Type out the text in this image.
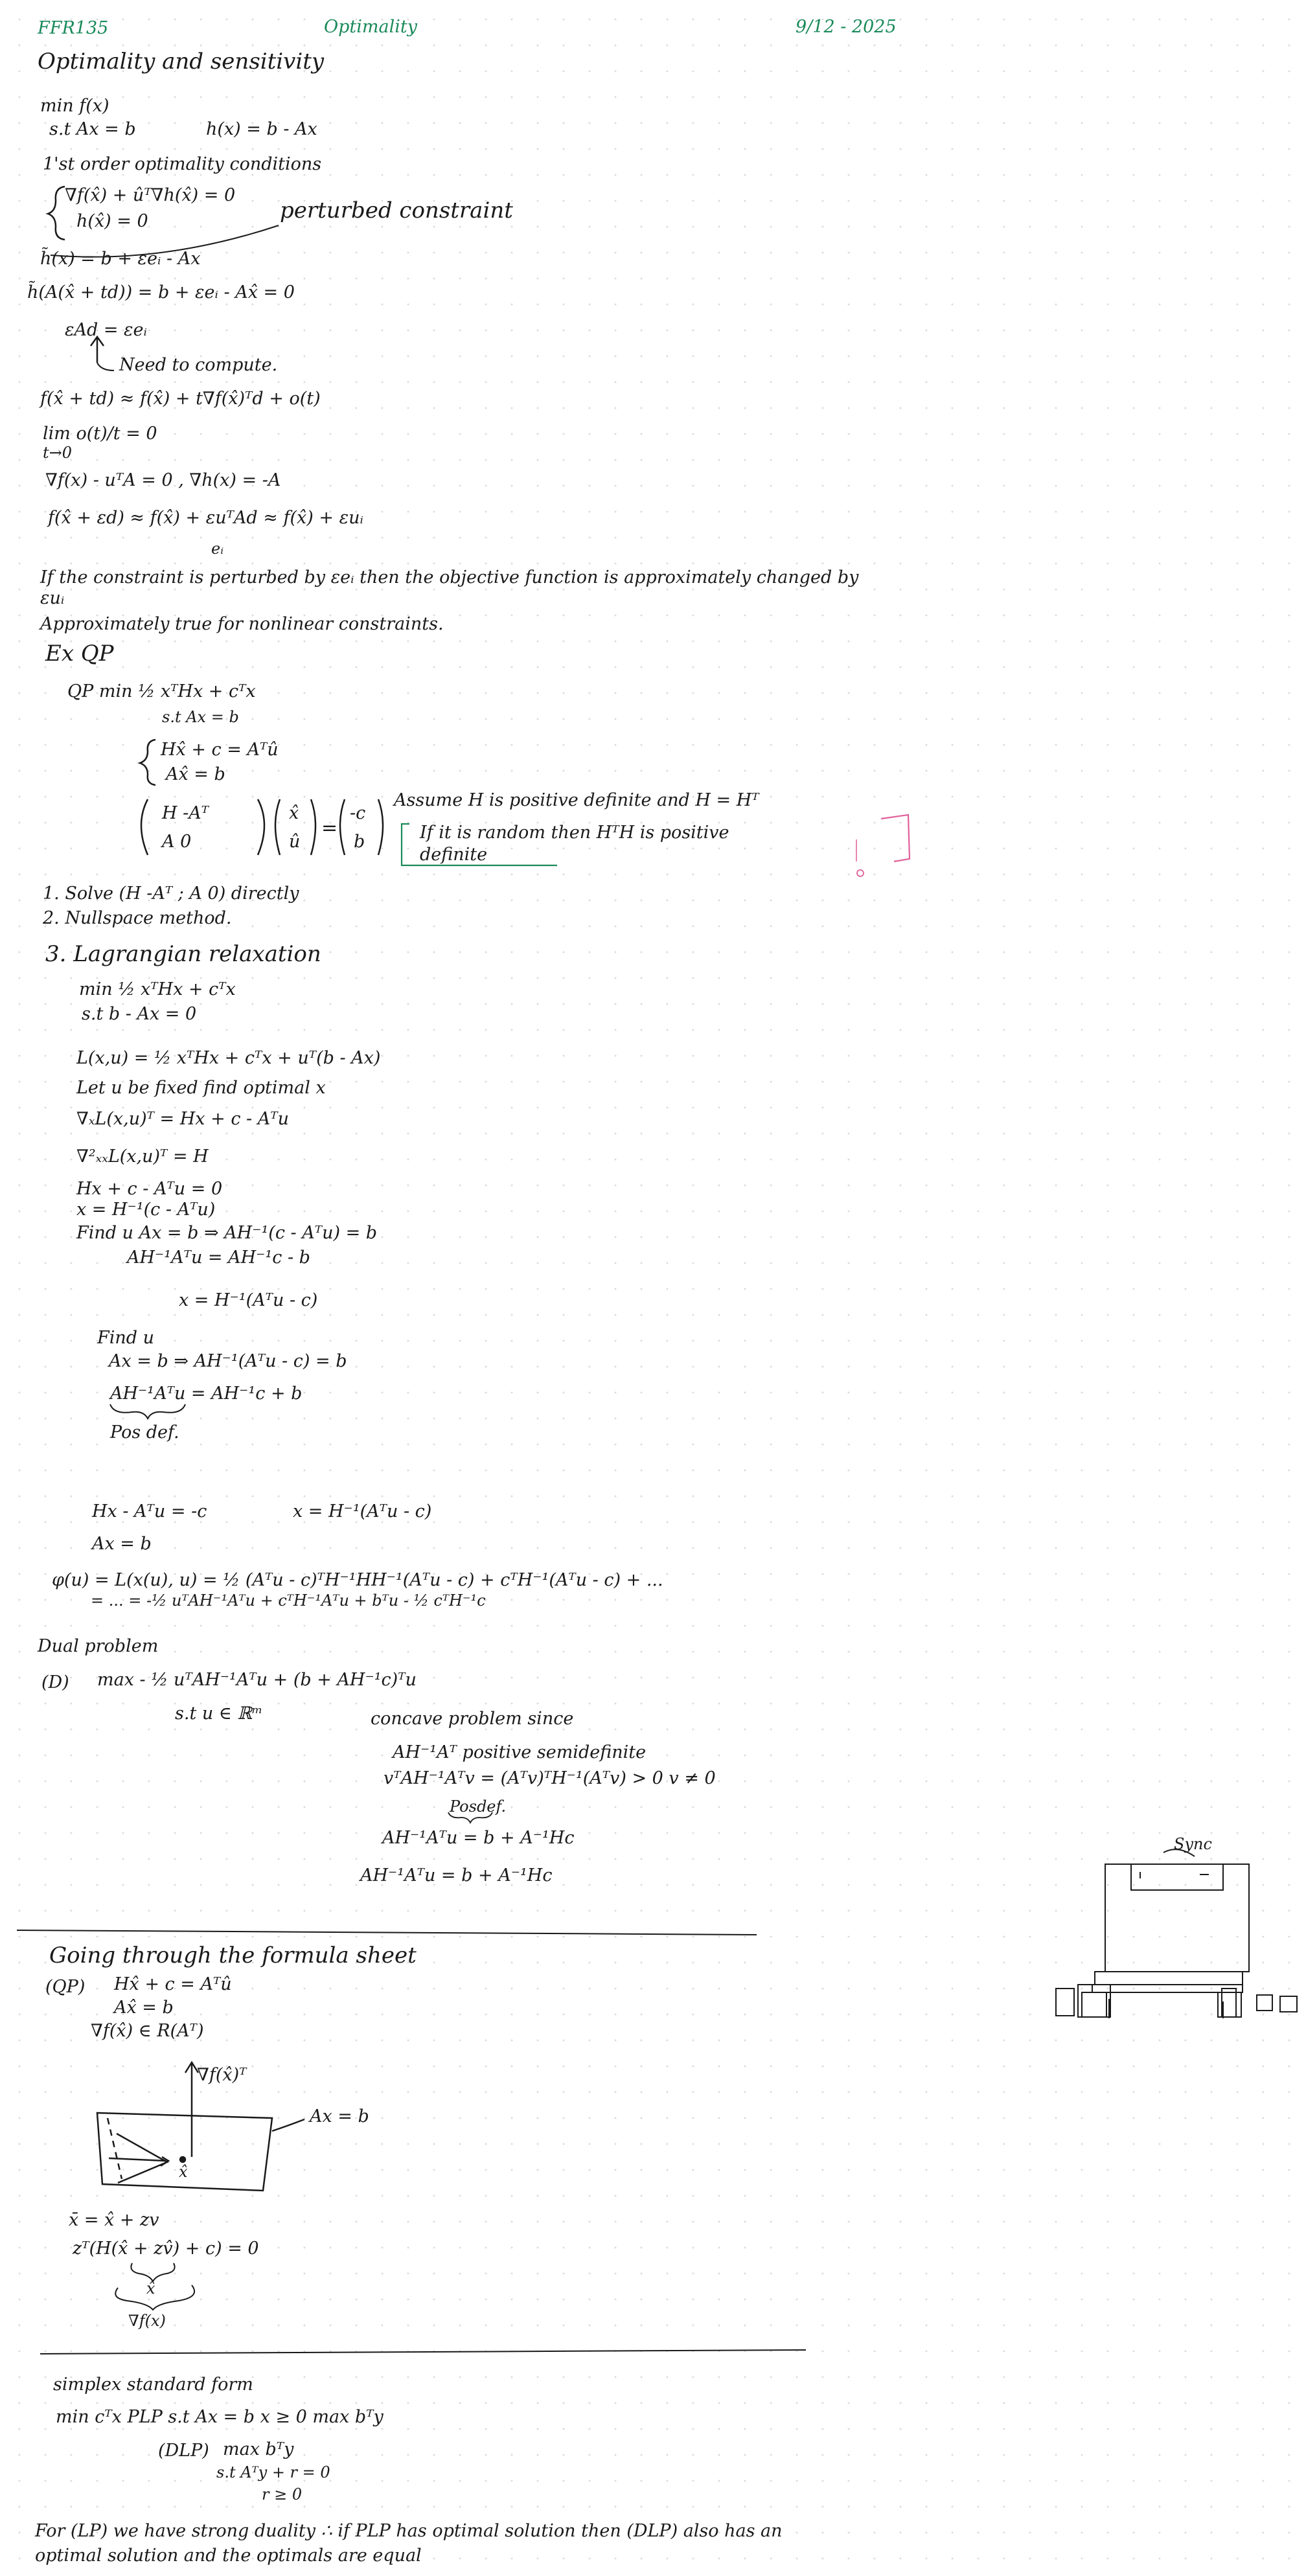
FFR135	Optimality	9/12 - 2025
Optimality and sensitivity
min f(x)
s.t Ax = b	h(x) = b - Ax
1'st order optimality conditions
∇f(x̂) + ûᵀ∇h(x̂) = 0
h(x̂) = 0	perturbed constraint
h̃(x) = b + εeᵢ - Ax
h̃(A(x̂ + td)) = b + εeᵢ - Ax̂ = 0
εAd = εeᵢ
Need to compute.
f(x̂ + td) ≈ f(x̂) + t∇f(x̂)ᵀd + o(t)
lim o(t)/t = 0
t→0
∇f(x) - uᵀA = 0 , ∇h(x) = -A
f(x̂ + εd) ≈ f(x̂) + εuᵀAd ≈ f(x̂) + εuᵢ
eᵢ
If the constraint is perturbed by εeᵢ then the objective function is approximately changed by
εuᵢ
Approximately true for nonlinear constraints.
Ex QP
QP min ½ xᵀHx + cᵀx
s.t Ax = b
Hx̂ + c = Aᵀû
Ax̂ = b
H -Aᵀ
A 0
x̂
û
-c
b
=
Assume H is positive definite and H = Hᵀ
If it is random then HᵀH is positive
definite
1. Solve (H -Aᵀ ; A 0) directly
2. Nullspace method.
3. Lagrangian relaxation
min ½ xᵀHx + cᵀx
s.t b - Ax = 0
L(x,u) = ½ xᵀHx + cᵀx + uᵀ(b - Ax)
Let u be fixed find optimal x
∇ₓL(x,u)ᵀ = Hx + c - Aᵀu
∇²ₓₓL(x,u)ᵀ = H
Hx + c - Aᵀu = 0
x = H⁻¹(c - Aᵀu)
Find u Ax = b ⇒ AH⁻¹(c - Aᵀu) = b
AH⁻¹Aᵀu = AH⁻¹c - b
x = H⁻¹(Aᵀu - c)
Find u
Ax = b ⇒ AH⁻¹(Aᵀu - c) = b
AH⁻¹Aᵀu = AH⁻¹c + b
Pos def.
Hx - Aᵀu = -c	x = H⁻¹(Aᵀu - c)
Ax = b
φ(u) = L(x(u), u) = ½ (Aᵀu - c)ᵀH⁻¹HH⁻¹(Aᵀu - c) + cᵀH⁻¹(Aᵀu - c) + ...
= ... = -½ uᵀAH⁻¹Aᵀu + cᵀH⁻¹Aᵀu + bᵀu - ½ cᵀH⁻¹c
Dual problem
(D) max - ½ uᵀAH⁻¹Aᵀu + (b + AH⁻¹c)ᵀu
s.t u ∈ ℝᵐ	concave problem since
AH⁻¹Aᵀ positive semidefinite
vᵀAH⁻¹Aᵀv = (Aᵀv)ᵀH⁻¹(Aᵀv) > 0 v ≠ 0
Posdef.
AH⁻¹Aᵀu = b + A⁻¹Hc
AH⁻¹Aᵀu = b + A⁻¹Hc
Sync
Going through the formula sheet
(QP) Hx̂ + c = Aᵀû
Ax̂ = b
∇f(x̂) ∈ R(Aᵀ)
∇f(x̂)ᵀ
Ax = b
x̂
x̄ = x̂ + zv
zᵀ(H(x̂ + zv̂) + c) = 0
x̂
∇f(x)
simplex standard form
min cᵀx PLP s.t Ax = b x ≥ 0 max bᵀy
(DLP) max bᵀy
s.t Aᵀy + r = 0
r ≥ 0
For (LP) we have strong duality ∴ if PLP has optimal solution then (DLP) also has an
optimal solution and the optimals are equal
